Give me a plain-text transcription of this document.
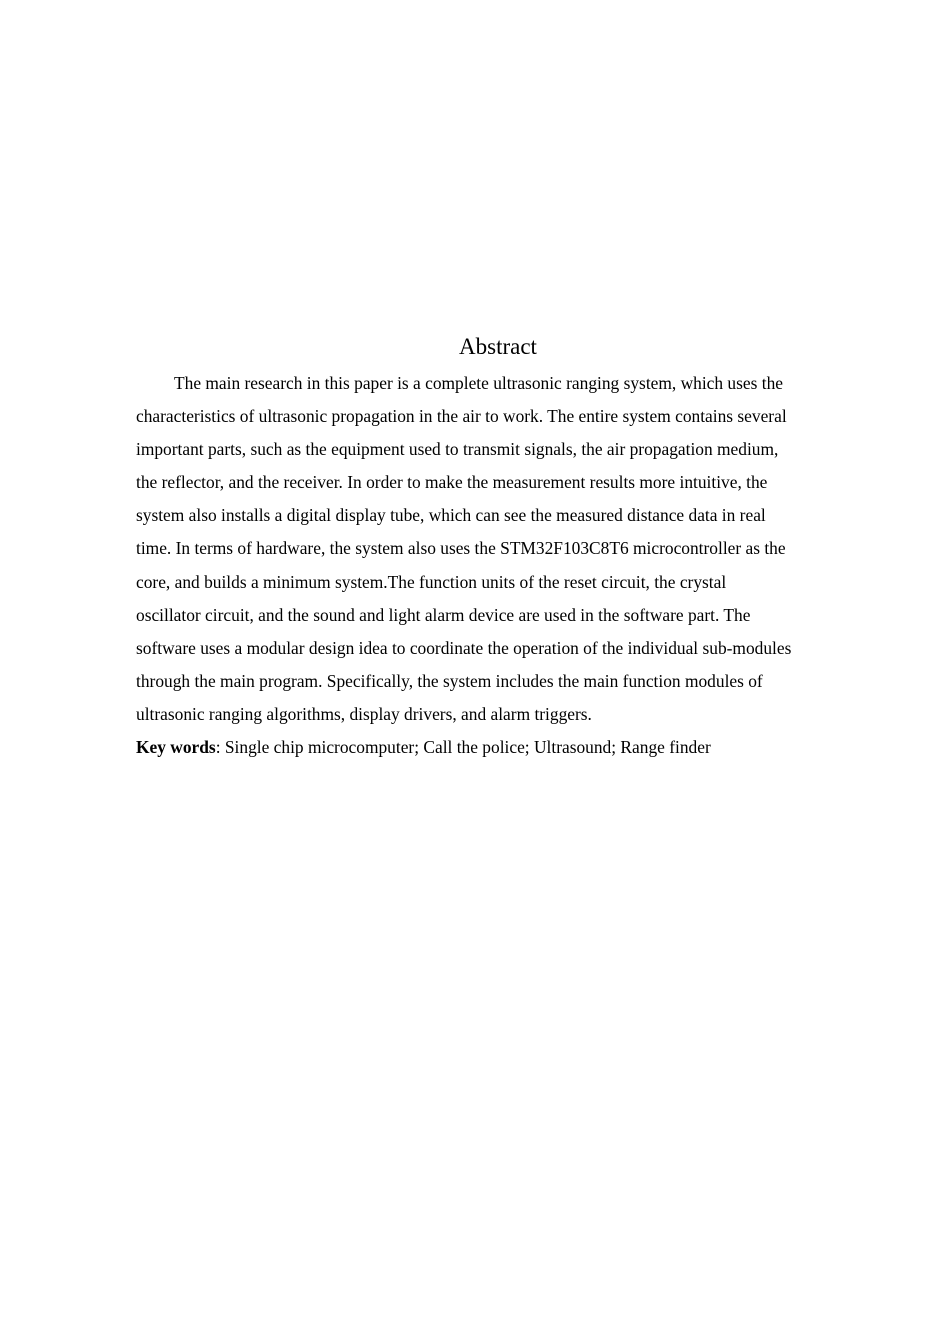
Abstract

The main research in this paper is a complete ultrasonic ranging system, which uses the
characteristics of ultrasonic propagation in the air to work. The entire system contains several
important parts, such as the equipment used to transmit signals, the air propagation medium,
the reflector, and the receiver. In order to make the measurement results more intuitive, the
system also installs a digital display tube, which can see the measured distance data in real
time. In terms of hardware, the system also uses the STM32F103C8T6 microcontroller as the
core, and builds a minimum system.The function units of the reset circuit, the crystal
oscillator circuit, and the sound and light alarm device are used in the software part. The
software uses a modular design idea to coordinate the operation of the individual sub-modules
through the main program. Specifically, the system includes the main function modules of
ultrasonic ranging algorithms, display drivers, and alarm triggers.

Key words: Single chip microcomputer; Call the police; Ultrasound; Range finder
